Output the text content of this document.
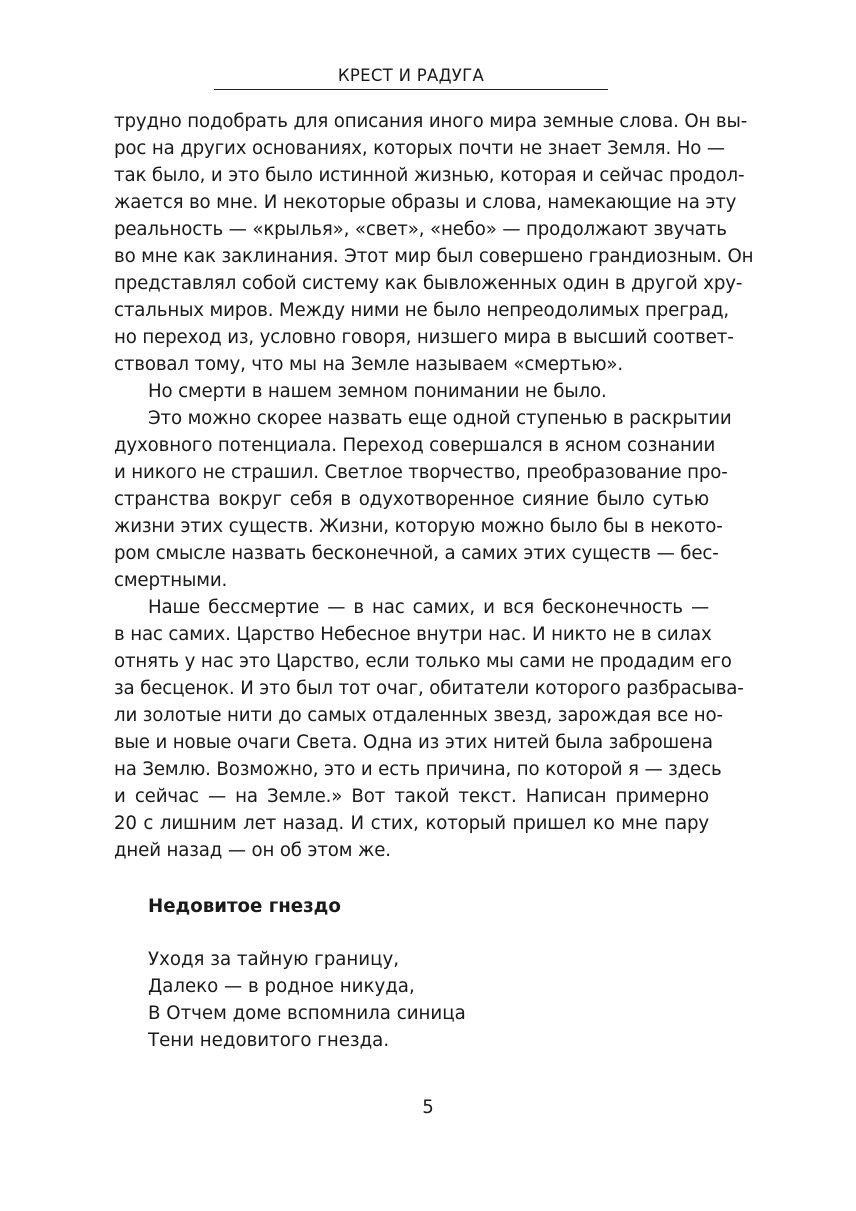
КРЕСТ И РАДУГА
трудно подобрать для описания иного мира земные слова. Он вы-
рос на других основаниях, которых почти не знает Земля. Но —
так было, и это было истинной жизнью, которая и сейчас продол-
жается во мне. И некоторые образы и слова, намекающие на эту
реальность — «крылья», «свет», «небо» — продолжают звучать
во мне как заклинания. Этот мир был совершено грандиозным. Он
представлял собой систему как бывложенных один в другой хру-
стальных миров. Между ними не было непреодолимых преград,
но переход из, условно говоря, низшего мира в высший соответ-
ствовал тому, что мы на Земле называем «смертью».
Но смерти в нашем земном понимании не было.
Это можно скорее назвать еще одной ступенью в раскрытии
духовного потенциала. Переход совершался в ясном сознании
и никого не страшил. Светлое творчество, преобразование про-
странства вокруг себя в одухотворенное сияние было сутью
жизни этих существ. Жизни, которую можно было бы в некото-
ром смысле назвать бесконечной, а самих этих существ — бес-
смертными.
Наше бессмертие — в нас самих, и вся бесконечность —
в нас самих. Царство Небесное внутри нас. И никто не в силах
отнять у нас это Царство, если только мы сами не продадим его
за бесценок. И это был тот очаг, обитатели которого разбрасыва-
ли золотые нити до самых отдаленных звезд, зарождая все но-
вые и новые очаги Света. Одна из этих нитей была заброшена
на Землю. Возможно, это и есть причина, по которой я — здесь
и сейчас — на Земле.» Вот такой текст. Написан примерно
20 с лишним лет назад. И стих, который пришел ко мне пару
дней назад — он об этом же.
Недовитое гнездо
Уходя за тайную границу,
Далеко — в родное никуда,
В Отчем доме вспомнила синица
Тени недовитого гнезда.
5
